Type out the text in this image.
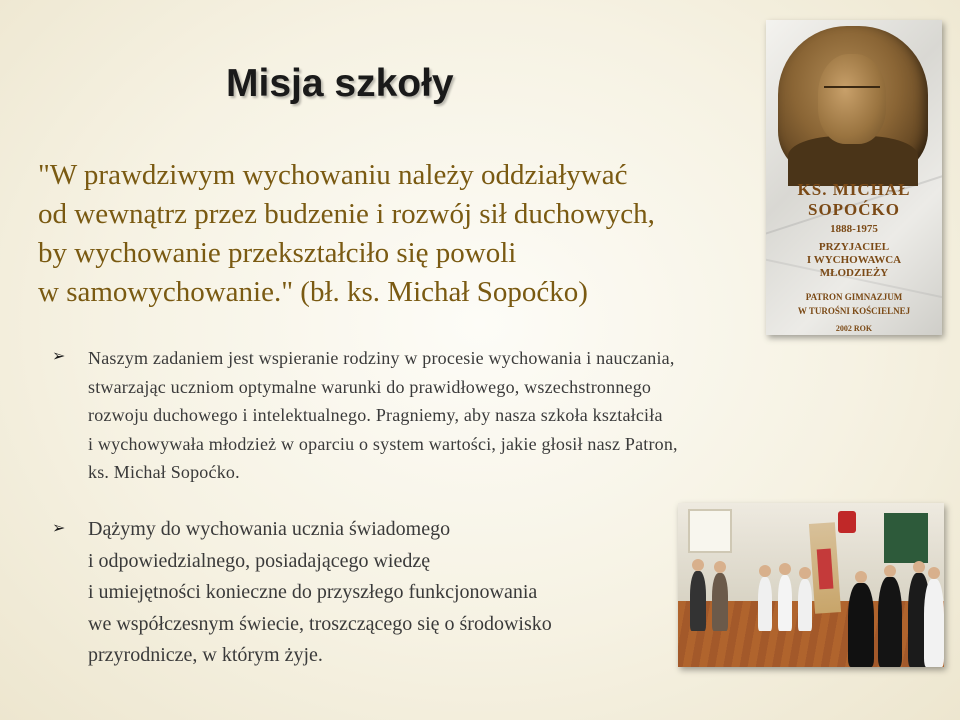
Misja szkoły
"W prawdziwym wychowaniu należy oddziaływać
od wewnątrz przez budzenie i rozwój sił duchowych,
by wychowanie przekształciło się powoli
w samowychowanie." (bł. ks. Michał Sopoćko)
KS. MICHAŁ
SOPOĆKO
1888-1975
PRZYJACIEL
I WYCHOWAWCA
MŁODZIEŻY
PATRON GIMNAZJUM
W TUROŚNI KOŚCIELNEJ
2002 ROK
➢ Naszym zadaniem jest wspieranie rodziny w procesie wychowania i nauczania,
stwarzając uczniom optymalne warunki do prawidłowego, wszechstronnego
rozwoju duchowego i intelektualnego. Pragniemy, aby nasza szkoła kształciła
i wychowywała młodzież w oparciu o system wartości, jakie głosił nasz Patron,
ks. Michał Sopoćko.
➢ Dążymy do wychowania ucznia świadomego
i odpowiedzialnego, posiadającego wiedzę
i umiejętności konieczne do przyszłego funkcjonowania
we współczesnym świecie, troszczącego się o środowisko
przyrodnicze, w którym żyje.
